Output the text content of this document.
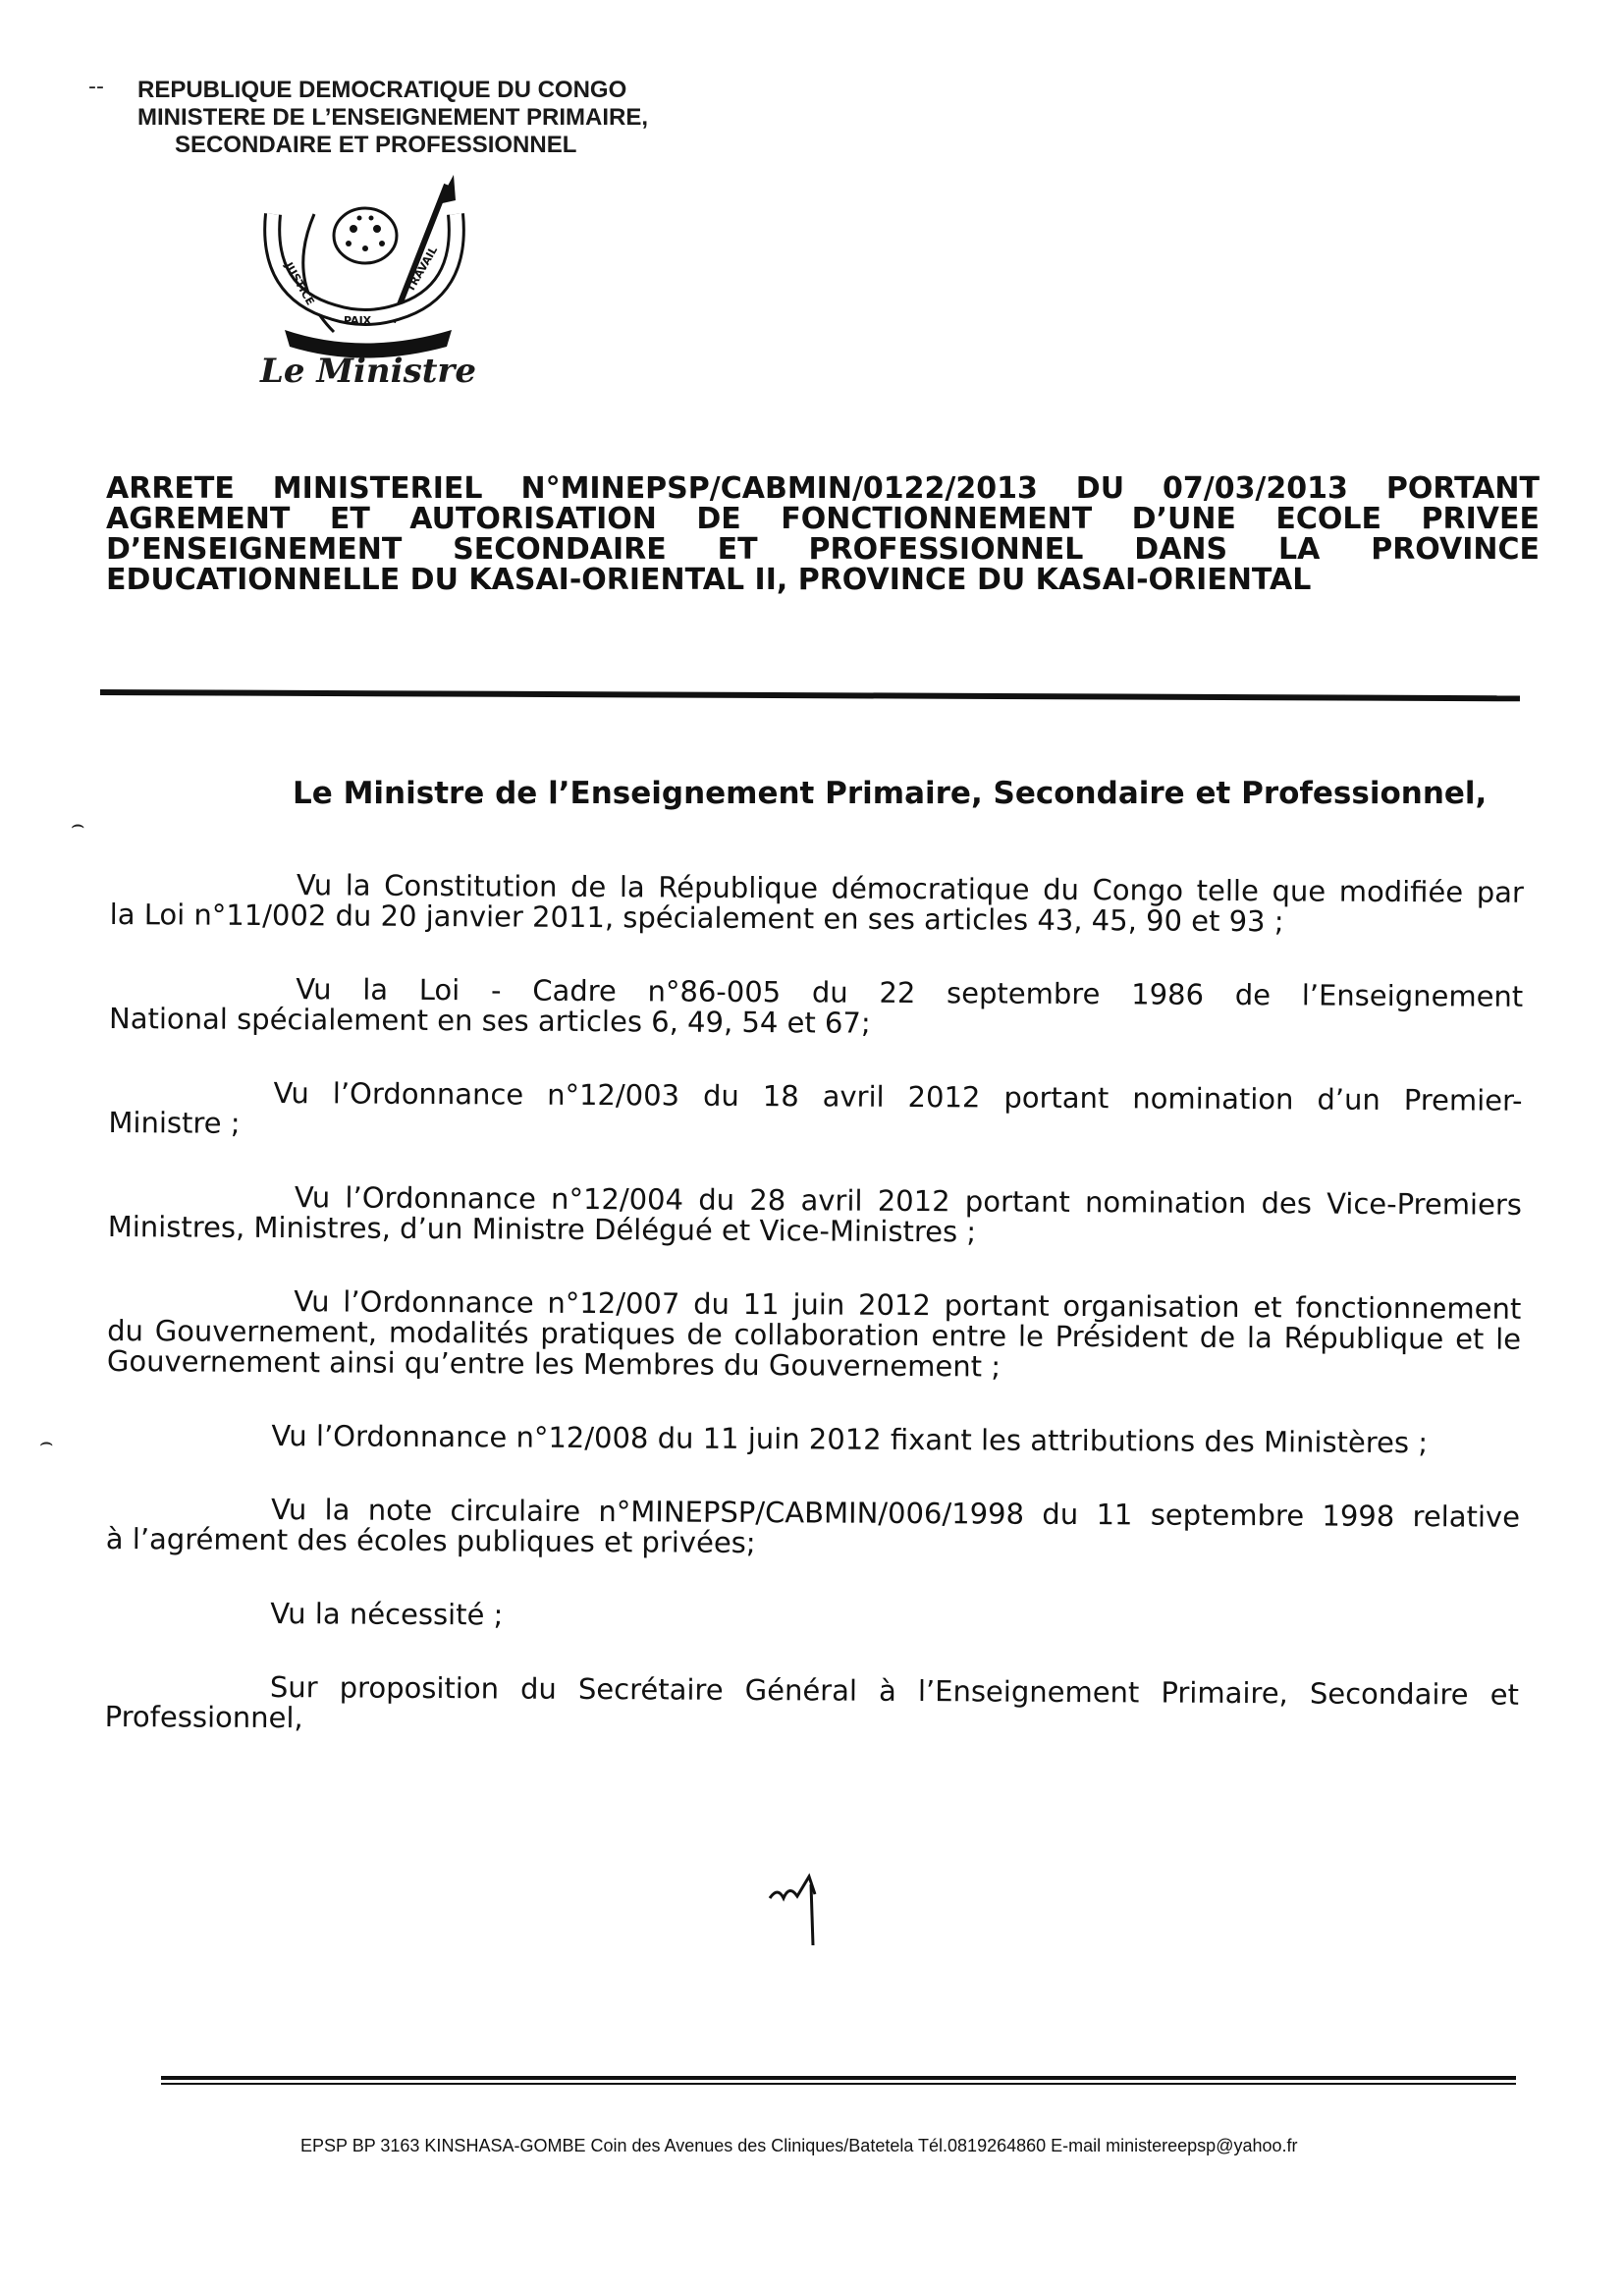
-‑ REPUBLIQUE DEMOCRATIQUE DU CONGO
MINISTERE DE L’ENSEIGNEMENT PRIMAIRE,
SECONDAIRE ET PROFESSIONNEL
JUSTICE
PAIX
TRAVAIL
Le Ministre
ARRETE MINISTERIEL N°MINEPSP/CABMIN/0122/2013 DU 07/03/2013 PORTANT
AGREMENT ET AUTORISATION DE FONCTIONNEMENT D’UNE ECOLE PRIVEE
D’ENSEIGNEMENT SECONDAIRE ET PROFESSIONNEL DANS LA PROVINCE
EDUCATIONNELLE DU KASAI-ORIENTAL II, PROVINCE DU KASAI-ORIENTAL
⌢
Le Ministre de l’Enseignement Primaire, Secondaire et Professionnel,
Vu la Constitution de la République démocratique du Congo telle que modifiée par
la Loi n°11/002 du 20 janvier 2011, spécialement en ses articles 43, 45, 90 et 93 ;
Vu la Loi - Cadre n°86-005 du 22 septembre 1986 de l’Enseignement
National spécialement en ses articles 6, 49, 54 et 67;
Vu l’Ordonnance n°12/003 du 18 avril 2012 portant nomination d’un Premier-
Ministre ;
Vu l’Ordonnance n°12/004 du 28 avril 2012 portant nomination des Vice-Premiers
Ministres, Ministres, d’un Ministre Délégué et Vice-Ministres ;
Vu l’Ordonnance n°12/007 du 11 juin 2012 portant organisation et fonctionnement
du Gouvernement, modalités pratiques de collaboration entre le Président de la République et le
Gouvernement ainsi qu’entre les Membres du Gouvernement ;
Vu l’Ordonnance n°12/008 du 11 juin 2012 fixant les attributions des Ministères ;
Vu la note circulaire n°MINEPSP/CABMIN/006/1998 du 11 septembre 1998 relative
à l’agrément des écoles publiques et privées;
Vu la nécessité ;
Sur proposition du Secrétaire Général à l’Enseignement Primaire, Secondaire et
Professionnel,
⌢
EPSP BP 3163 KINSHASA-GOMBE Coin des Avenues des Cliniques/Batetela Tél.0819264860 E-mail ministereepsp@yahoo.fr
